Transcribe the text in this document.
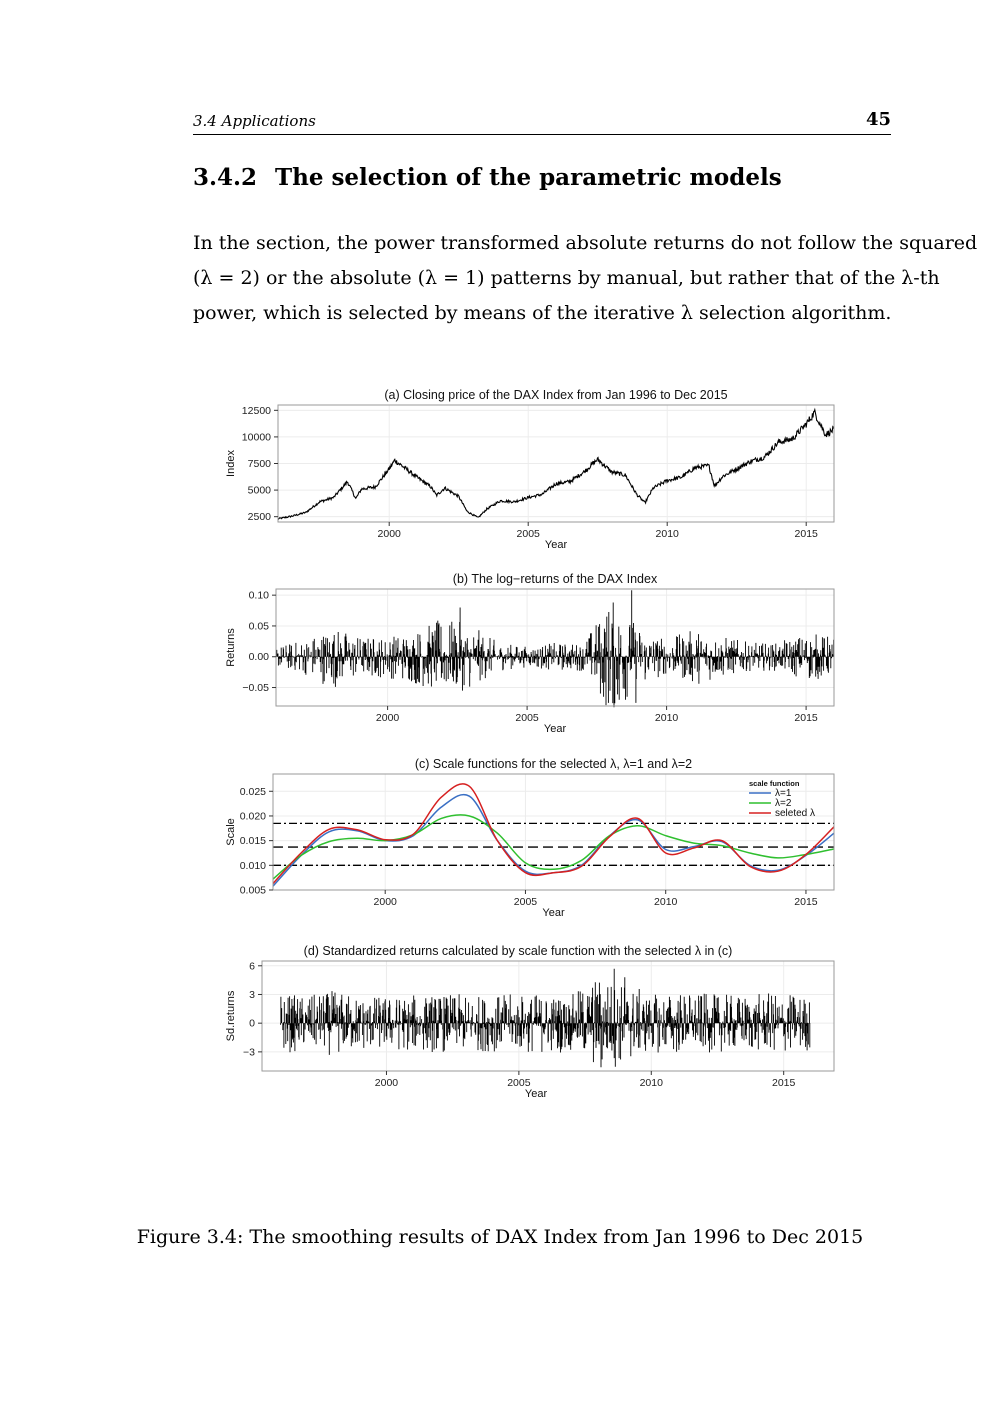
3.4 Applications	45
3.4.2 The selection of the parametric models
In the section, the power transformed absolute returns do not follow the squared
(λ = 2) or the absolute (λ = 1) patterns by manual, but rather that of the λ-th
power, which is selected by means of the iterative λ selection algorithm.
(a) Closing price of the DAX Index from Jan 1996 to Dec 2015
2000	2005	2010	2015
2500
5000
7500
10000
12500
Year
Index
(b) The log−returns of the DAX Index
2000	2005	2010	2015
−0.05
0.00
0.05
0.10
Year
Returns
(c) Scale functions for the selected λ, λ=1 and λ=2
scale function
λ=1
λ=2
seleted λ
2000	2005	2010	2015
0.005
0.010
0.015
0.020
0.025
Year
Scale
(d) Standardized returns calculated by scale function with the selected λ in (c)
2000	2005	2010	2015
−3
0
3
6
Year
Sd.returns
Figure 3.4: The smoothing results of DAX Index from Jan 1996 to Dec 2015
